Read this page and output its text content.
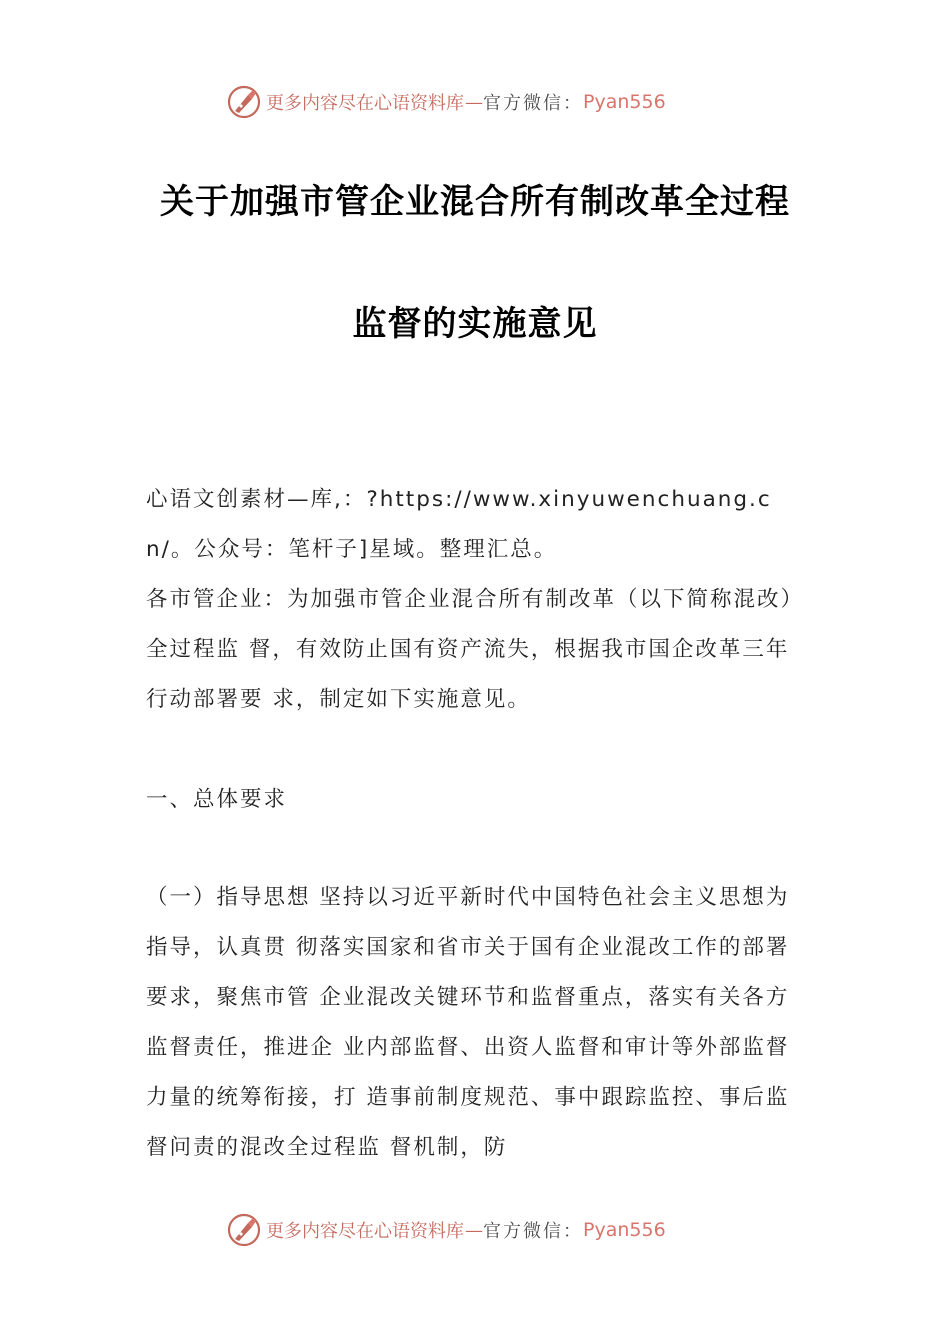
更多内容尽在心语资料库 — 官方微信： Pyan556
关于加强市管企业混合所有制改革全过程
监督的实施意见

心语文创素材—库,：?https://www.xinyuwenchuang.cn/。公众号：笔杆子]星域。整理汇总。

各市管企业：为加强市管企业混合所有制改革（以下简称混改）全过程监 督，有效防止国有资产流失，根据我市国企改革三年行动部署要 求，制定如下实施意见。

一、总体要求

（一）指导思想 坚持以习近平新时代中国特色社会主义思想为指导，认真贯 彻落实国家和省市关于国有企业混改工作的部署要求，聚焦市管 企业混改关键环节和监督重点，落实有关各方监督责任，推进企 业内部监督、出资人监督和审计等外部监督力量的统筹衔接，打 造事前制度规范、事中跟踪监控、事后监督问责的混改全过程监 督机制，防

更多内容尽在心语资料库 — 官方微信： Pyan556
